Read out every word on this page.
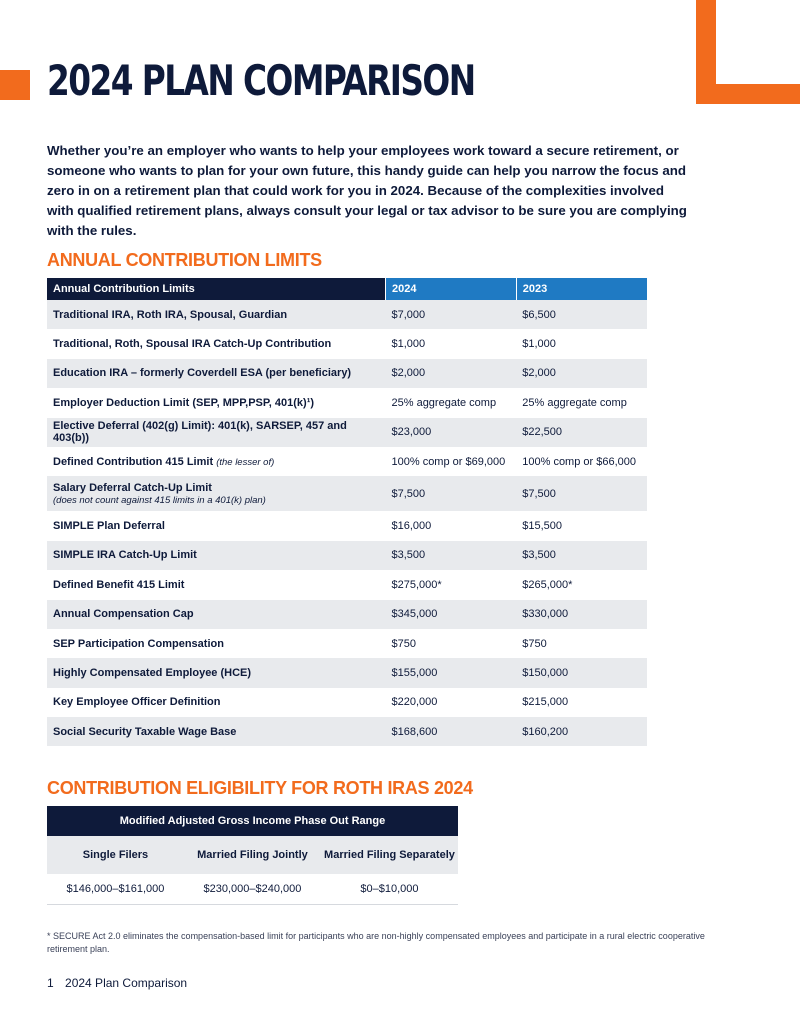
2024 PLAN COMPARISON

Whether you’re an employer who wants to help your employees work toward a secure retirement, or someone who wants to plan for your own future, this handy guide can help you narrow the focus and zero in on a retirement plan that could work for you in 2024. Because of the complexities involved with qualified retirement plans, always consult your legal or tax advisor to be sure you are complying with the rules.

ANNUAL CONTRIBUTION LIMITS
Annual Contribution Limits	2024	2023
Traditional IRA, Roth IRA, Spousal, Guardian	$7,000	$6,500
Traditional, Roth, Spousal IRA Catch-Up Contribution	$1,000	$1,000
Education IRA – formerly Coverdell ESA (per beneficiary)	$2,000	$2,000
Employer Deduction Limit (SEP, MPP,PSP, 401(k)¹)	25% aggregate comp	25% aggregate comp
Elective Deferral (402(g) Limit): 401(k), SARSEP, 457 and 403(b))	$23,000	$22,500
Defined Contribution 415 Limit (the lesser of)	100% comp or $69,000	100% comp or $66,000
Salary Deferral Catch-Up Limit
(does not count against 415 limits in a 401(k) plan)	$7,500	$7,500
SIMPLE Plan Deferral	$16,000	$15,500
SIMPLE IRA Catch-Up Limit	$3,500	$3,500
Defined Benefit 415 Limit	$275,000*	$265,000*
Annual Compensation Cap	$345,000	$330,000
SEP Participation Compensation	$750	$750
Highly Compensated Employee (HCE)	$155,000	$150,000
Key Employee Officer Definition	$220,000	$215,000
Social Security Taxable Wage Base	$168,600	$160,200
CONTRIBUTION ELIGIBILITY FOR ROTH IRAS 2024
Modified Adjusted Gross Income Phase Out Range		
Single Filers	Married Filing Jointly	Married Filing Separately
$146,000–$161,000	$230,000–$240,000	$0–$10,000

* SECURE Act 2.0 eliminates the compensation-based limit for participants who are non-highly compensated employees and participate in a rural electric cooperative retirement plan.

1 2024 Plan Comparison
